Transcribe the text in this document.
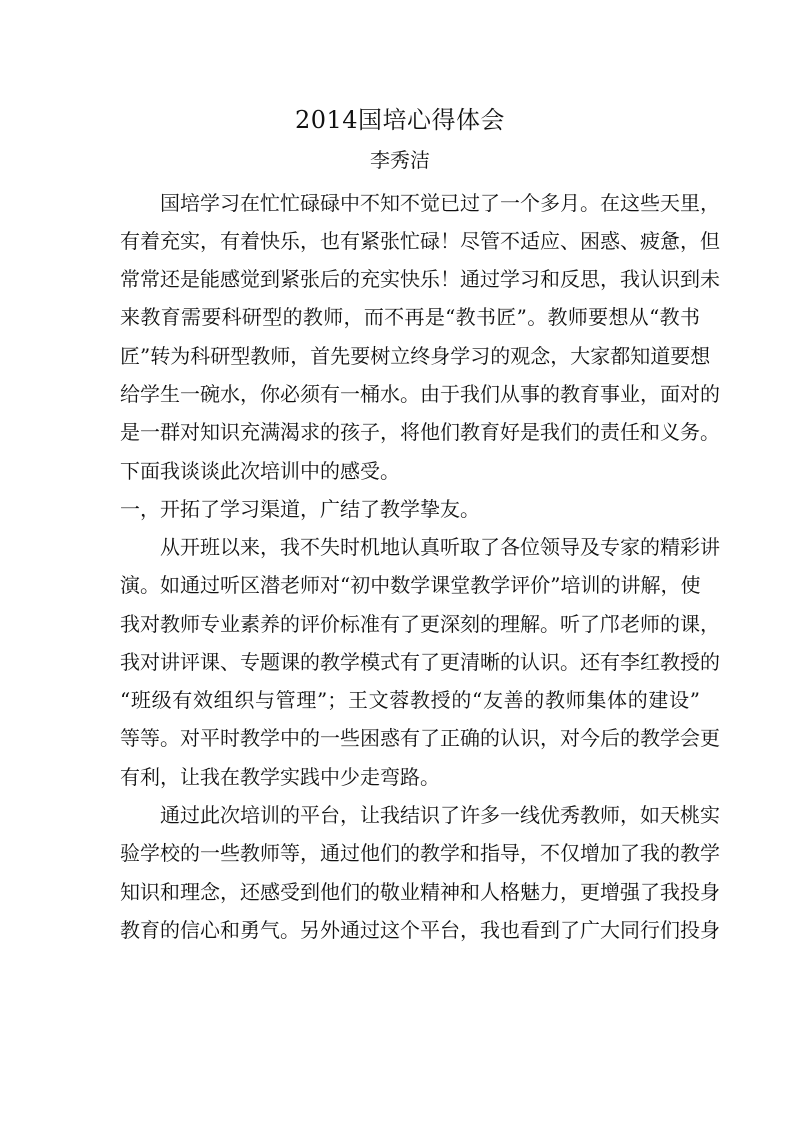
2014国培心得体会
李秀洁
国培学习在忙忙碌碌中不知不觉已过了一个多月。在这些天里，
有着充实，有着快乐，也有紧张忙碌！尽管不适应、困惑、疲惫，但
常常还是能感觉到紧张后的充实快乐！通过学习和反思，我认识到未
来教育需要科研型的教师，而不再是“教书匠”。教师要想从“教书
匠”转为科研型教师，首先要树立终身学习的观念，大家都知道要想
给学生一碗水，你必须有一桶水。由于我们从事的教育事业，面对的
是一群对知识充满渴求的孩子，将他们教育好是我们的责任和义务。
下面我谈谈此次培训中的感受。
一，开拓了学习渠道，广结了教学挚友。
从开班以来，我不失时机地认真听取了各位领导及专家的精彩讲
演。如通过听区潜老师对“初中数学课堂教学评价”培训的讲解，使
我对教师专业素养的评价标准有了更深刻的理解。听了邝老师的课，
我对讲评课、专题课的教学模式有了更清晰的认识。还有李红教授的
“班级有效组织与管理”；王文蓉教授的“友善的教师集体的建设”
等等。对平时教学中的一些困惑有了正确的认识，对今后的教学会更
有利，让我在教学实践中少走弯路。
通过此次培训的平台，让我结识了许多一线优秀教师，如天桃实
验学校的一些教师等，通过他们的教学和指导，不仅增加了我的教学
知识和理念，还感受到他们的敬业精神和人格魅力，更增强了我投身
教育的信心和勇气。另外通过这个平台，我也看到了广大同行们投身
